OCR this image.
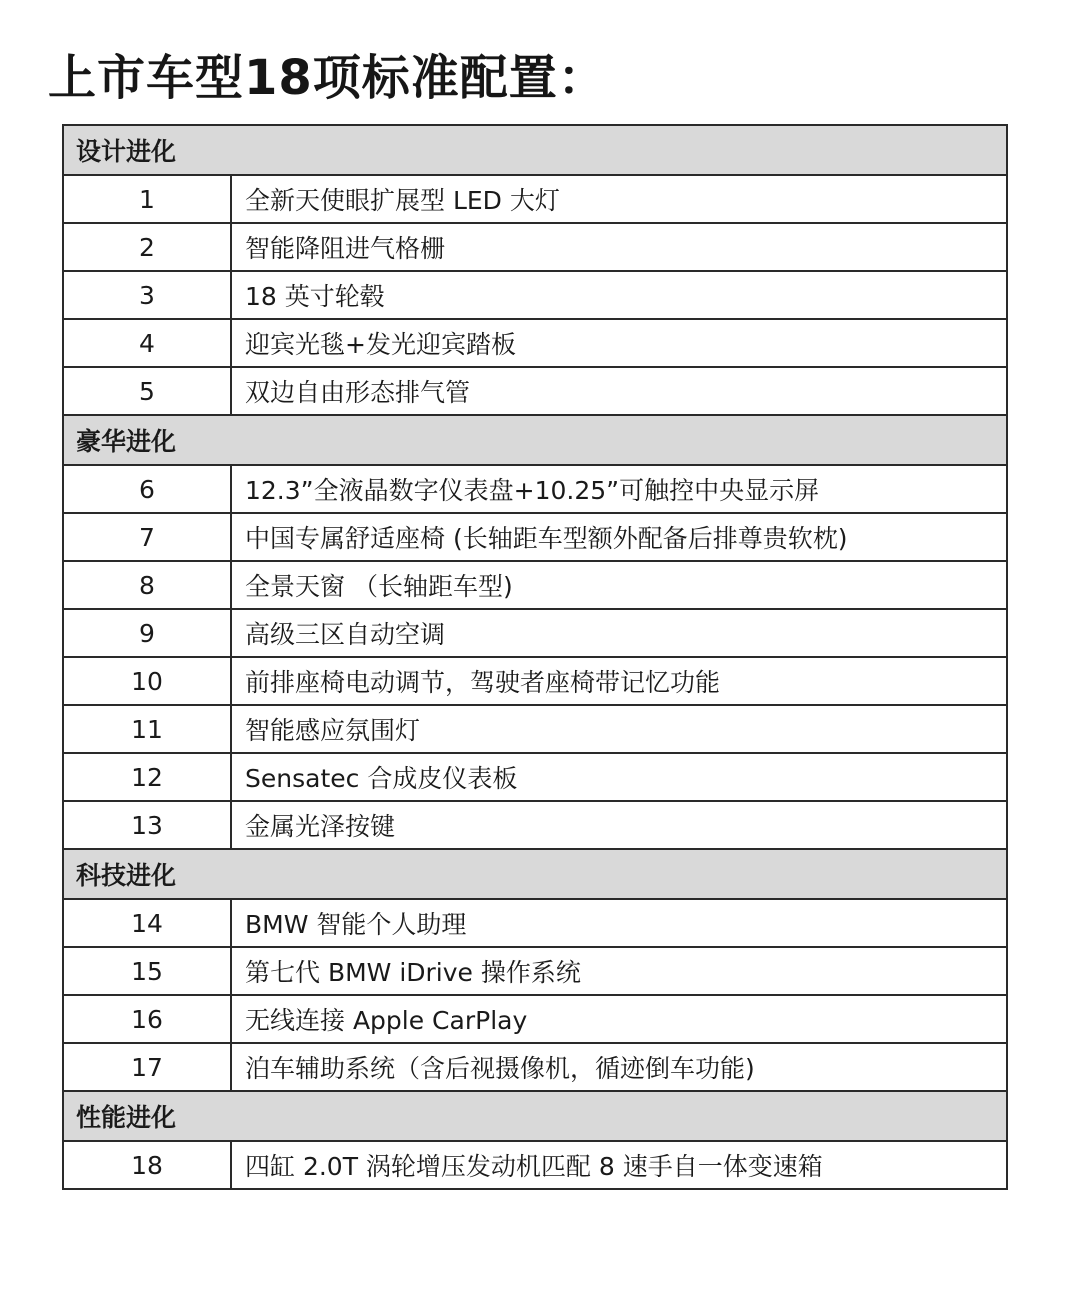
上市车型18项标准配置：
设计进化	
1	全新天使眼扩展型 LED 大灯
2	智能降阻进气格栅
3	18 英寸轮毂
4	迎宾光毯+发光迎宾踏板
5	双边自由形态排气管
豪华进化	
6	12.3”全液晶数字仪表盘+10.25”可触控中央显示屏
7	中国专属舒适座椅 (长轴距车型额外配备后排尊贵软枕)
8	全景天窗 （长轴距车型)
9	高级三区自动空调
10	前排座椅电动调节，驾驶者座椅带记忆功能
11	智能感应氛围灯
12	Sensatec 合成皮仪表板
13	金属光泽按键
科技进化	
14	BMW 智能个人助理
15	第七代 BMW iDrive 操作系统
16	无线连接 Apple CarPlay
17	泊车辅助系统（含后视摄像机，循迹倒车功能)
性能进化	
18	四缸 2.0T 涡轮增压发动机匹配 8 速手自一体变速箱
